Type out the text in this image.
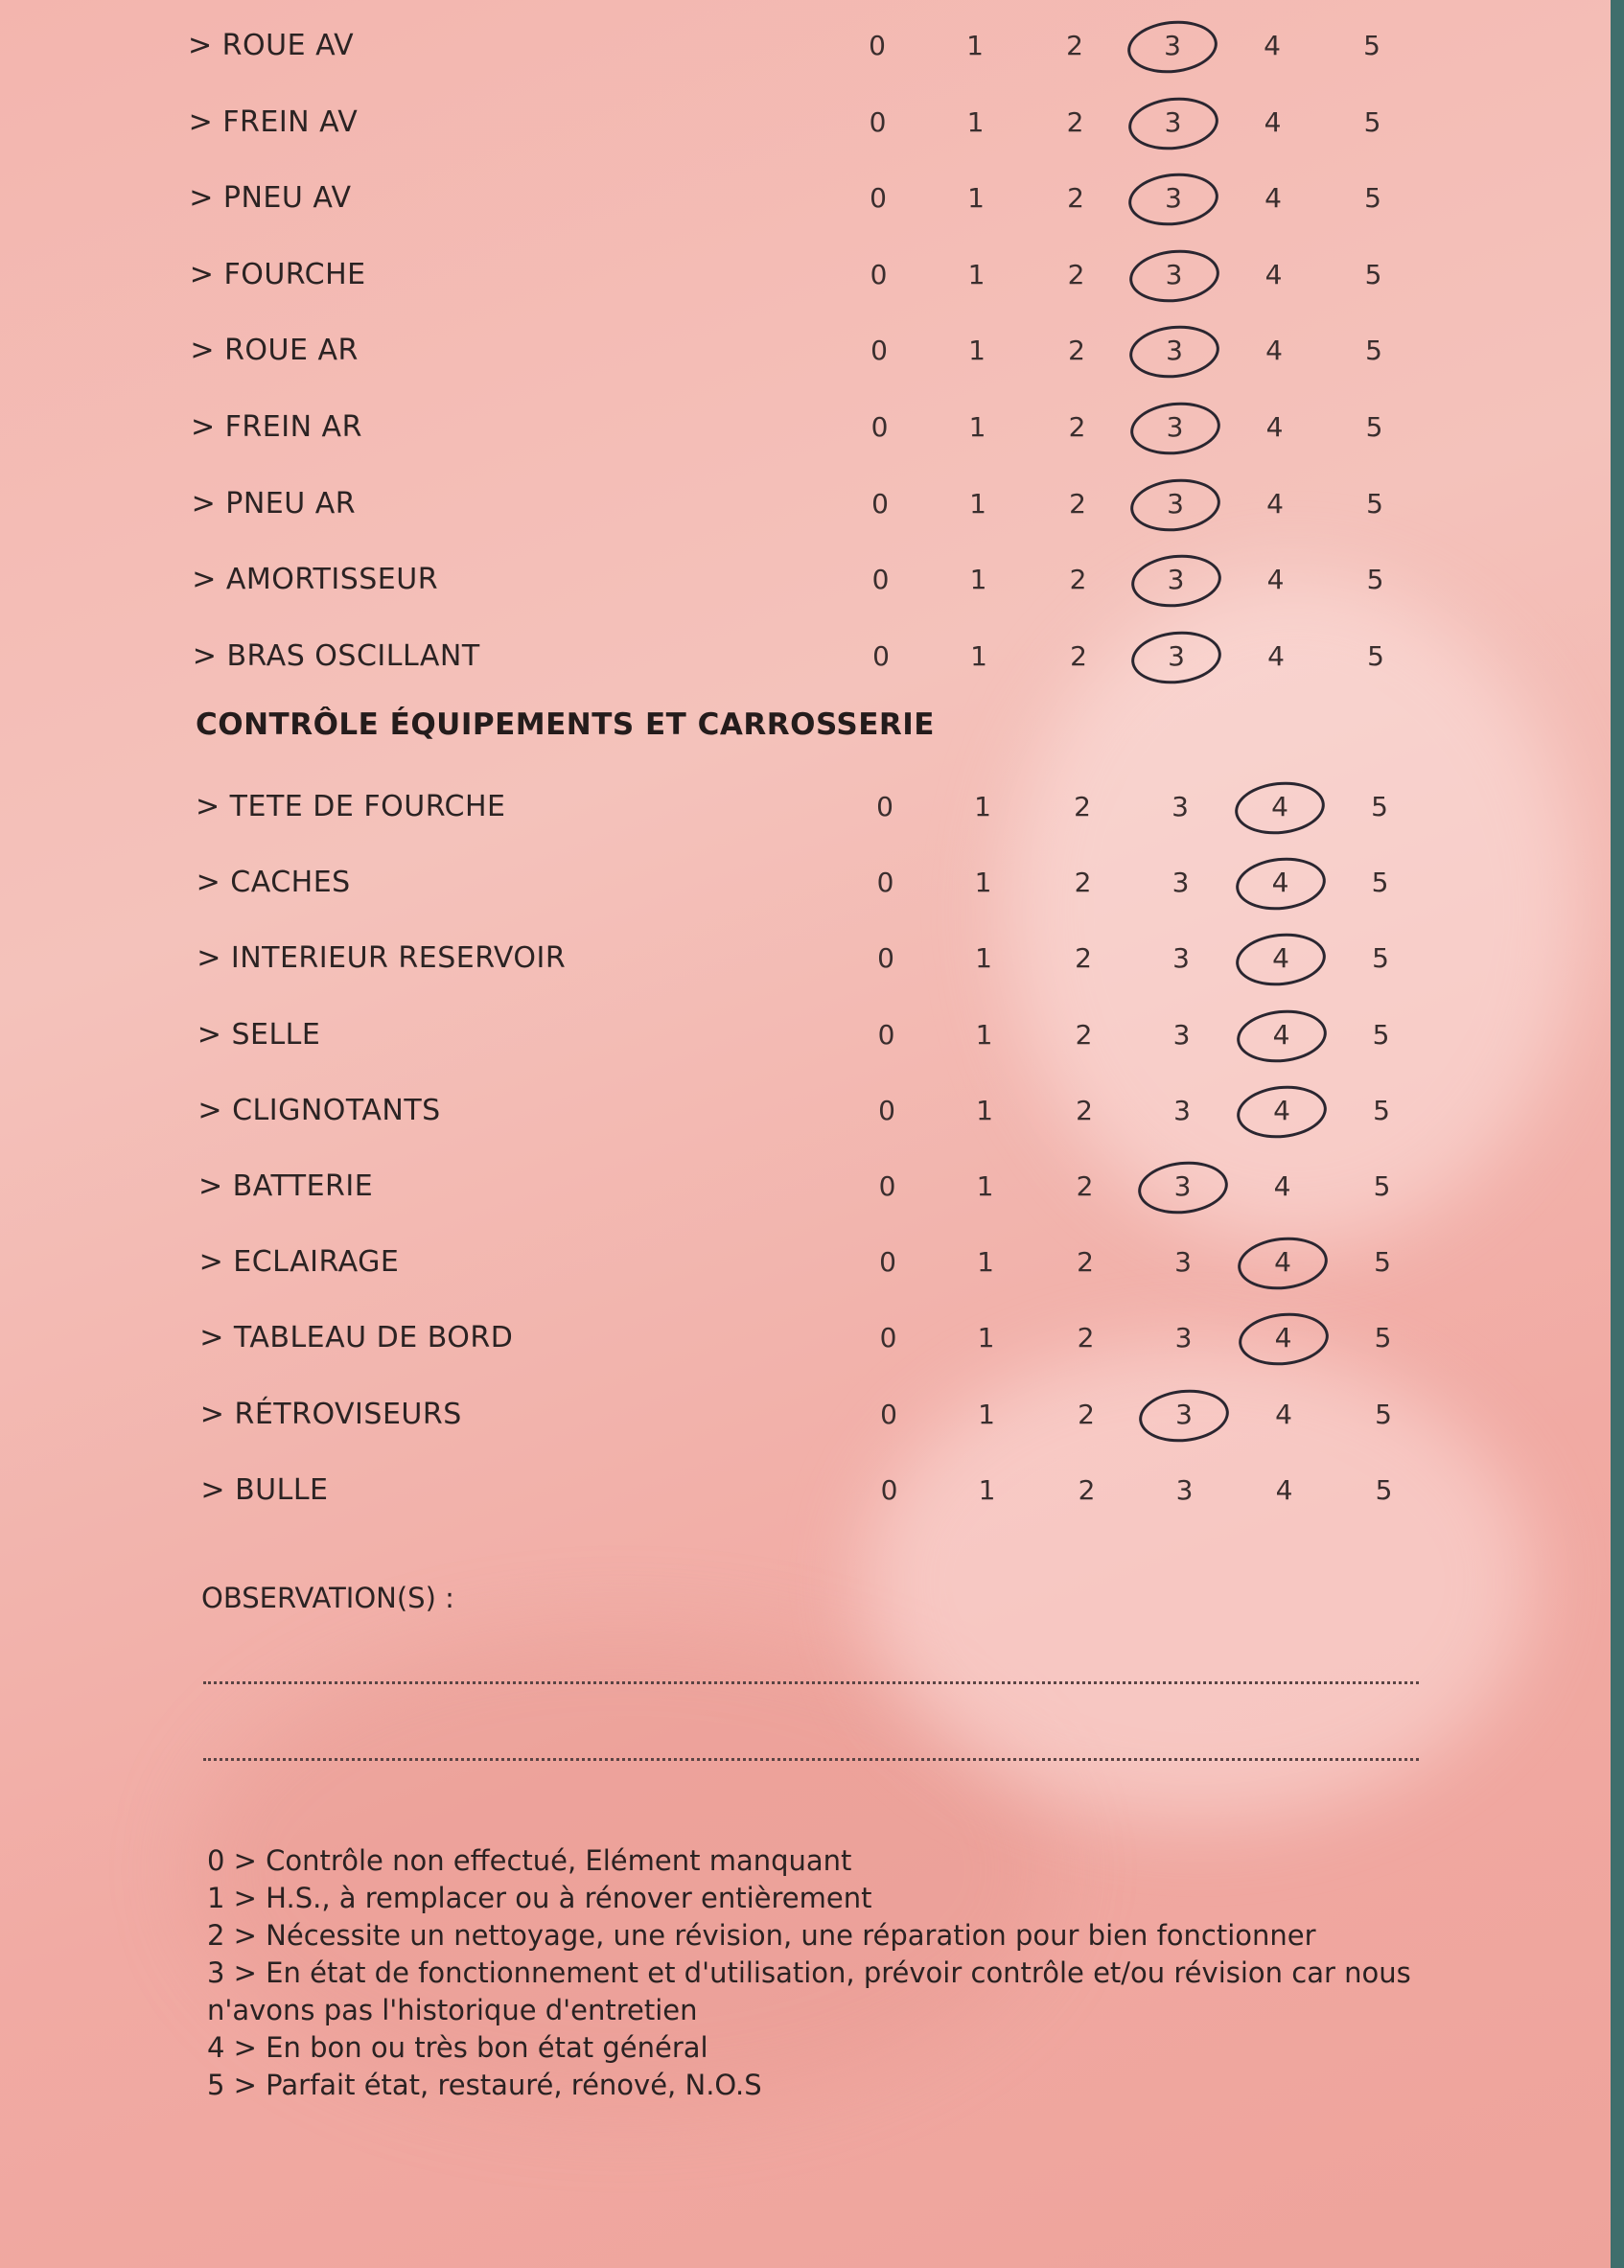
> ROUE AV	0	1	2	3	4	5
> FREIN AV	0	1	2	3	4	5
> PNEU AV	0	1	2	3	4	5
> FOURCHE	0	1	2	3	4	5
> ROUE AR	0	1	2	3	4	5
> FREIN AR	0	1	2	3	4	5
> PNEU AR	0	1	2	3	4	5
> AMORTISSEUR	0	1	2	3	4	5
> BRAS OSCILLANT	0	1	2	3	4	5
CONTRÔLE ÉQUIPEMENTS ET CARROSSERIE
> TETE DE FOURCHE	0	1	2	3	4	5
> CACHES	0	1	2	3	4	5
> INTERIEUR RESERVOIR	0	1	2	3	4	5
> SELLE	0	1	2	3	4	5
> CLIGNOTANTS	0	1	2	3	4	5
> BATTERIE	0	1	2	3	4	5
> ECLAIRAGE	0	1	2	3	4	5
> TABLEAU DE BORD	0	1	2	3	4	5
> RÉTROVISEURS	0	1	2	3	4	5
> BULLE	0	1	2	3	4	5
OBSERVATION(S) :
0 > Contrôle non effectué, Elément manquant
1 > H.S., à remplacer ou à rénover entièrement
2 > Nécessite un nettoyage, une révision, une réparation pour bien fonctionner
3 > En état de fonctionnement et d'utilisation, prévoir contrôle et/ou révision car nous
n'avons pas l'historique d'entretien
4 > En bon ou très bon état général
5 > Parfait état, restauré, rénové, N.O.S
